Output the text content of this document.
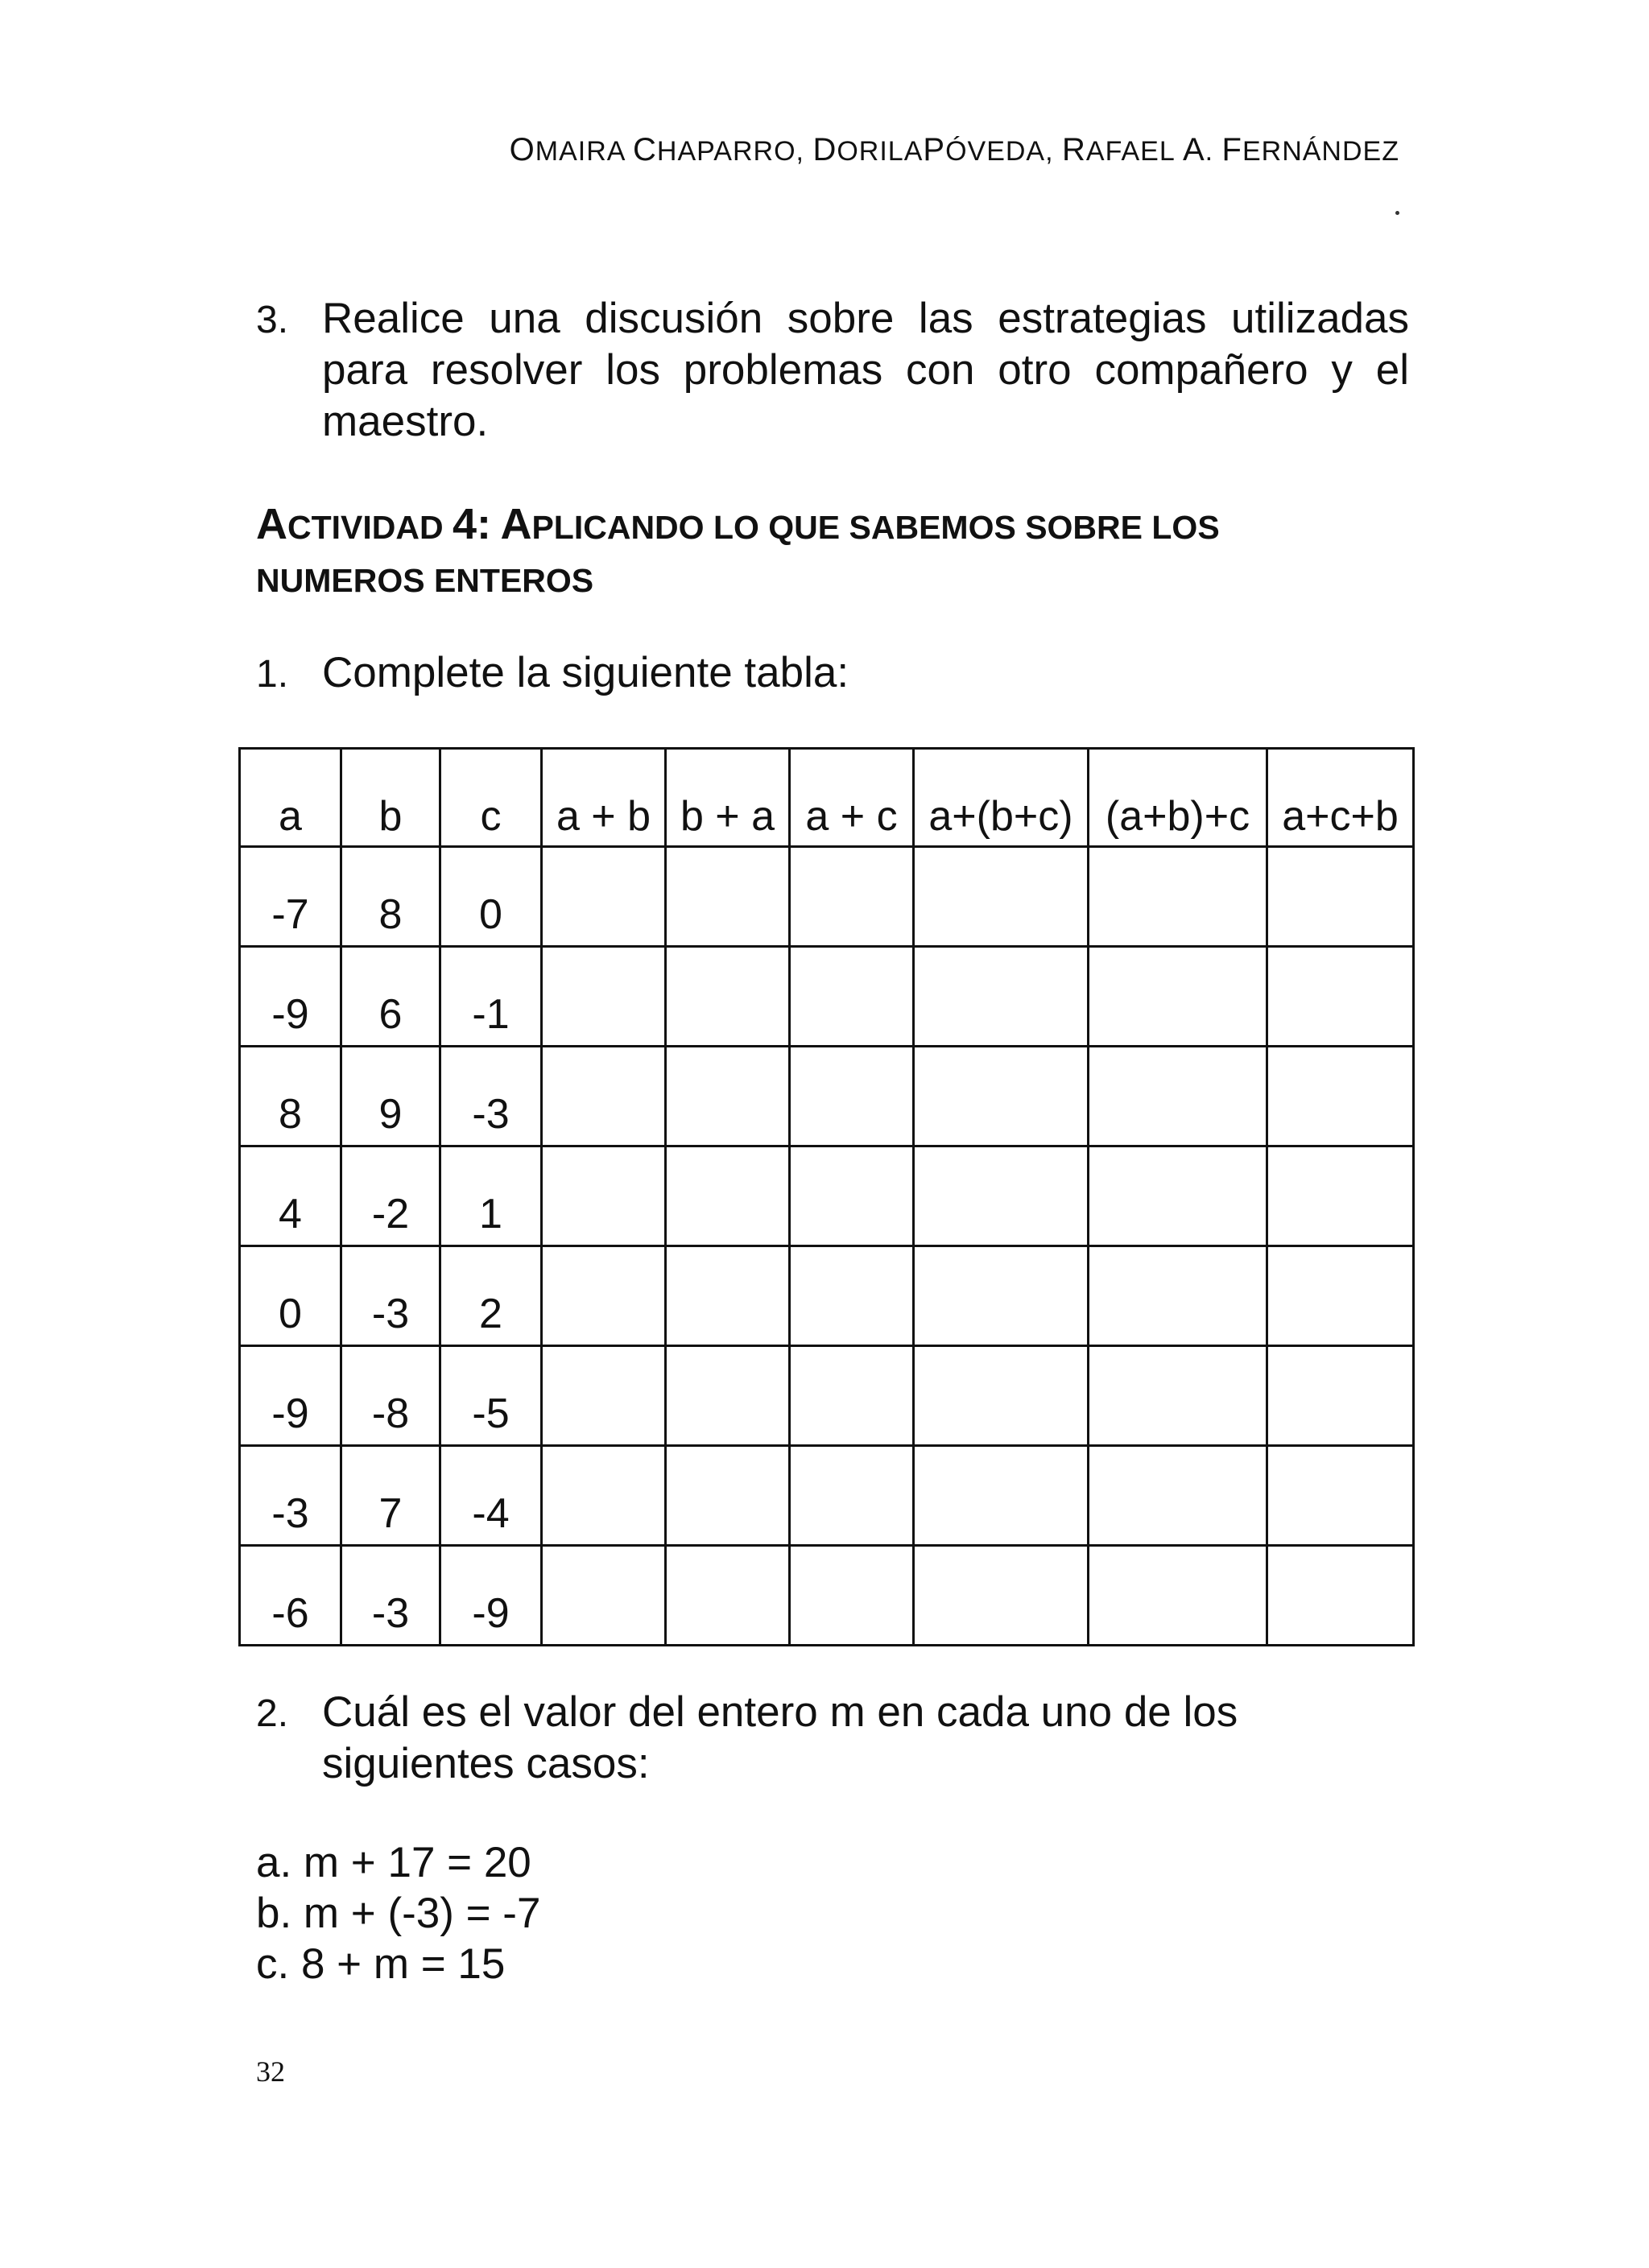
OMAIRA CHAPARRO, DORILAPÓVEDA, RAFAEL A. FERNÁNDEZ
3. Realice una discusión sobre las estrategias utilizadas para resolver los problemas con otro compañero y el maestro.
ACTIVIDAD 4: APLICANDO LO QUE SABEMOS SOBRE LOS
NUMEROS ENTEROS
1. Complete la siguiente tabla:
a	b	c	a + b	b + a	a + c	a+(b+c)	(a+b)+c	a+c+b
-7	8	0						
-9	6	-1						
8	9	-3						
4	-2	1						
0	-3	2						
-9	-8	-5						
-3	7	-4						
-6	-3	-9						
2. Cuál es el valor del entero m en cada uno de los siguientes casos:
a. m + 17 = 20
b. m + (-3) = -7
c. 8 + m = 15
32
